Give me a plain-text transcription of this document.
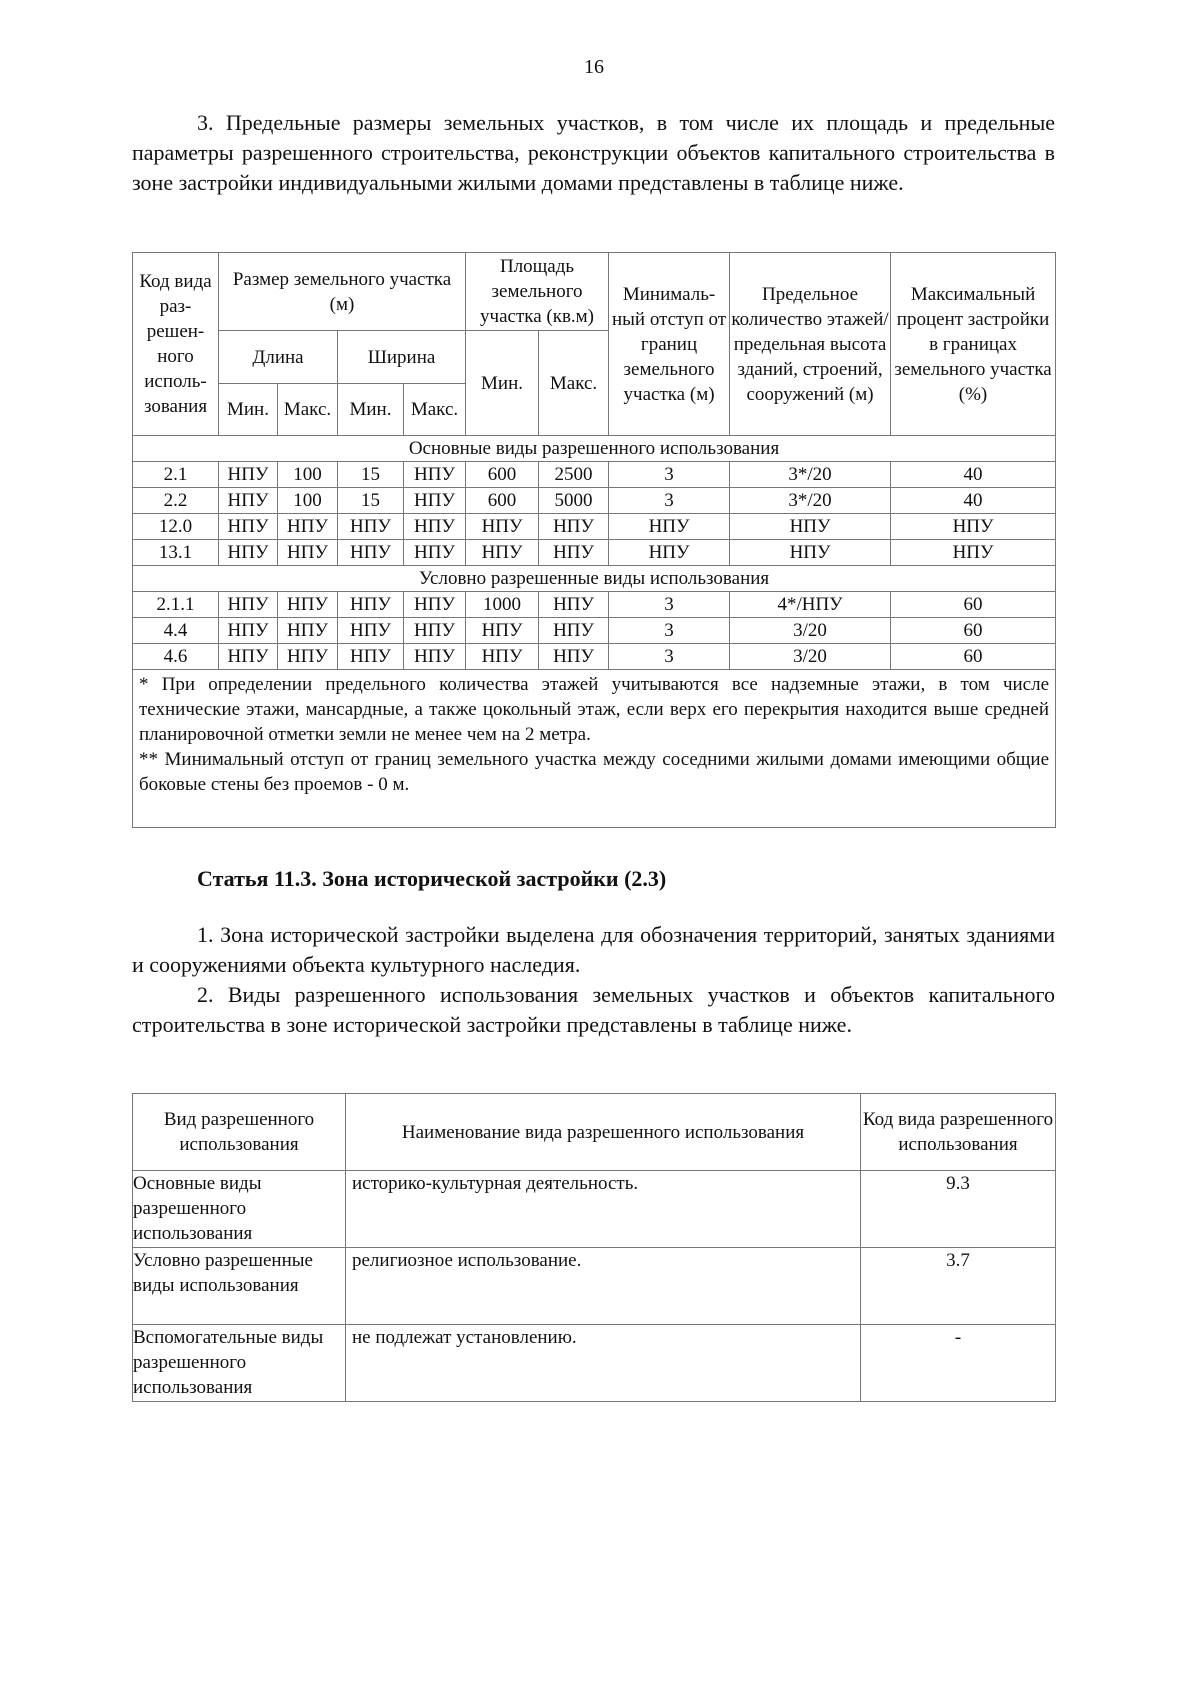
16
3. Предельные размеры земельных участков, в том числе их площадь и предельные параметры разрешенного строительства, реконструкции объектов капитального строительства в зоне застройки индивидуальными жилыми домами представлены в таблице ниже.
Код вида раз-решен-ного исполь-зования	Размер земельного участка (м)				Площадь земельного участка (кв.м)		Минималь-ный отступ от границ земельного участка (м)	Предельное количество этажей/ предельная высота зданий, строений, сооружений (м)	Максимальный процент застройки в границах земельного участка (%)
	Длина		Ширина		Мин.	Макс.			
	Мин.	Макс.	Мин.	Макс.					
Основные виды разрешенного использования									
2.1	НПУ	100	15	НПУ	600	2500	3	3*/20	40
2.2	НПУ	100	15	НПУ	600	5000	3	3*/20	40
12.0	НПУ	НПУ	НПУ	НПУ	НПУ	НПУ	НПУ	НПУ	НПУ
13.1	НПУ	НПУ	НПУ	НПУ	НПУ	НПУ	НПУ	НПУ	НПУ
Условно разрешенные виды использования									
2.1.1	НПУ	НПУ	НПУ	НПУ	1000	НПУ	3	4*/НПУ	60
4.4	НПУ	НПУ	НПУ	НПУ	НПУ	НПУ	3	3/20	60
4.6	НПУ	НПУ	НПУ	НПУ	НПУ	НПУ	3	3/20	60

* При определении предельного количества этажей учитываются все надземные этажи, в том числе технические этажи, мансардные, а также цокольный этаж, если верх его перекрытия находится выше средней планировочной отметки земли не менее чем на 2 метра.
** Минимальный отступ от границ земельного участка между соседними жилыми домами имеющими общие боковые стены без проемов - 0 м.									
Статья 11.3. Зона исторической застройки (2.3)
1. Зона исторической застройки выделена для обозначения территорий, занятых зданиями и сооружениями объекта культурного наследия.
2. Виды разрешенного использования земельных участков и объектов капитального строительства в зоне исторической застройки представлены в таблице ниже.
Вид разрешенного использования	Наименование вида разрешенного использования	Код вида разрешенного использования
Основные виды разрешенного использования	историко-культурная деятельность.	9.3
Условно разрешенные виды использования	религиозное использование.	3.7
Вспомогательные виды разрешенного использования	не подлежат установлению.	-
